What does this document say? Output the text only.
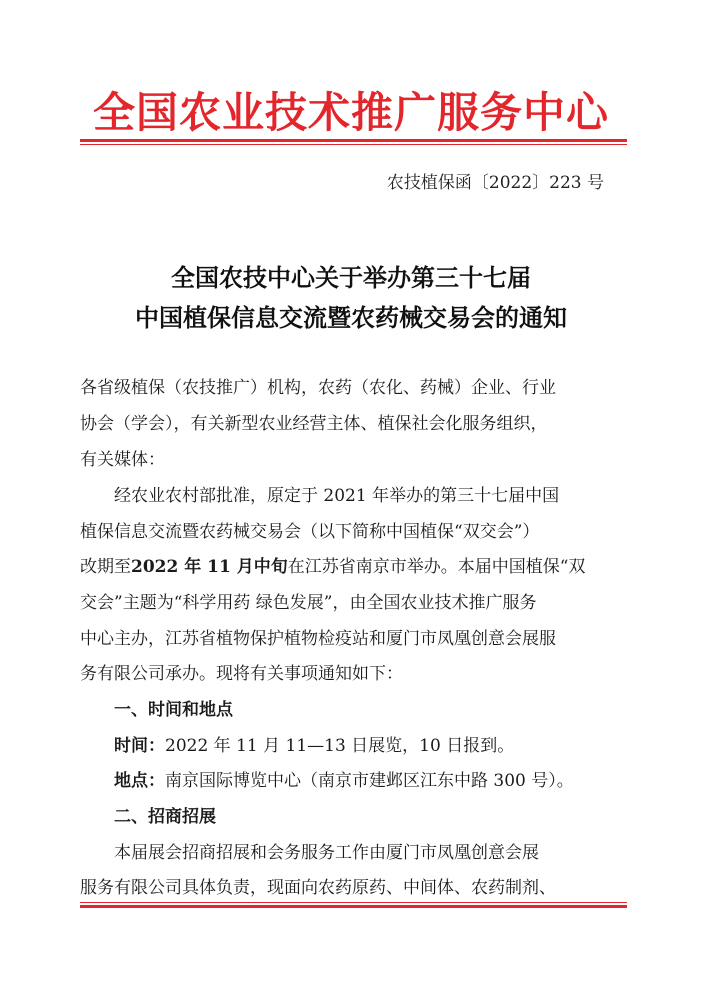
全国农业技术推广服务中心
农技植保函〔2022〕223 号
全国农技中心关于举办第三十七届
中国植保信息交流暨农药械交易会的通知
各省级植保（农技推广）机构，农药（农化、药械）企业、行业
协会（学会），有关新型农业经营主体、植保社会化服务组织，
有关媒体：
经农业农村部批准，原定于 2021 年举办的第三十七届中国
植保信息交流暨农药械交易会（以下简称中国植保“双交会”）
改期至2022 年 11 月中旬在江苏省南京市举办。本届中国植保“双
交会”主题为“科学用药 绿色发展”，由全国农业技术推广服务
中心主办，江苏省植物保护植物检疫站和厦门市凤凰创意会展服
务有限公司承办。现将有关事项通知如下：
一、时间和地点
时间：2022 年 11 月 11—13 日展览，10 日报到。
地点：南京国际博览中心（南京市建邺区江东中路 300 号）。
二、招商招展
本届展会招商招展和会务服务工作由厦门市凤凰创意会展
服务有限公司具体负责，现面向农药原药、中间体、农药制剂、
